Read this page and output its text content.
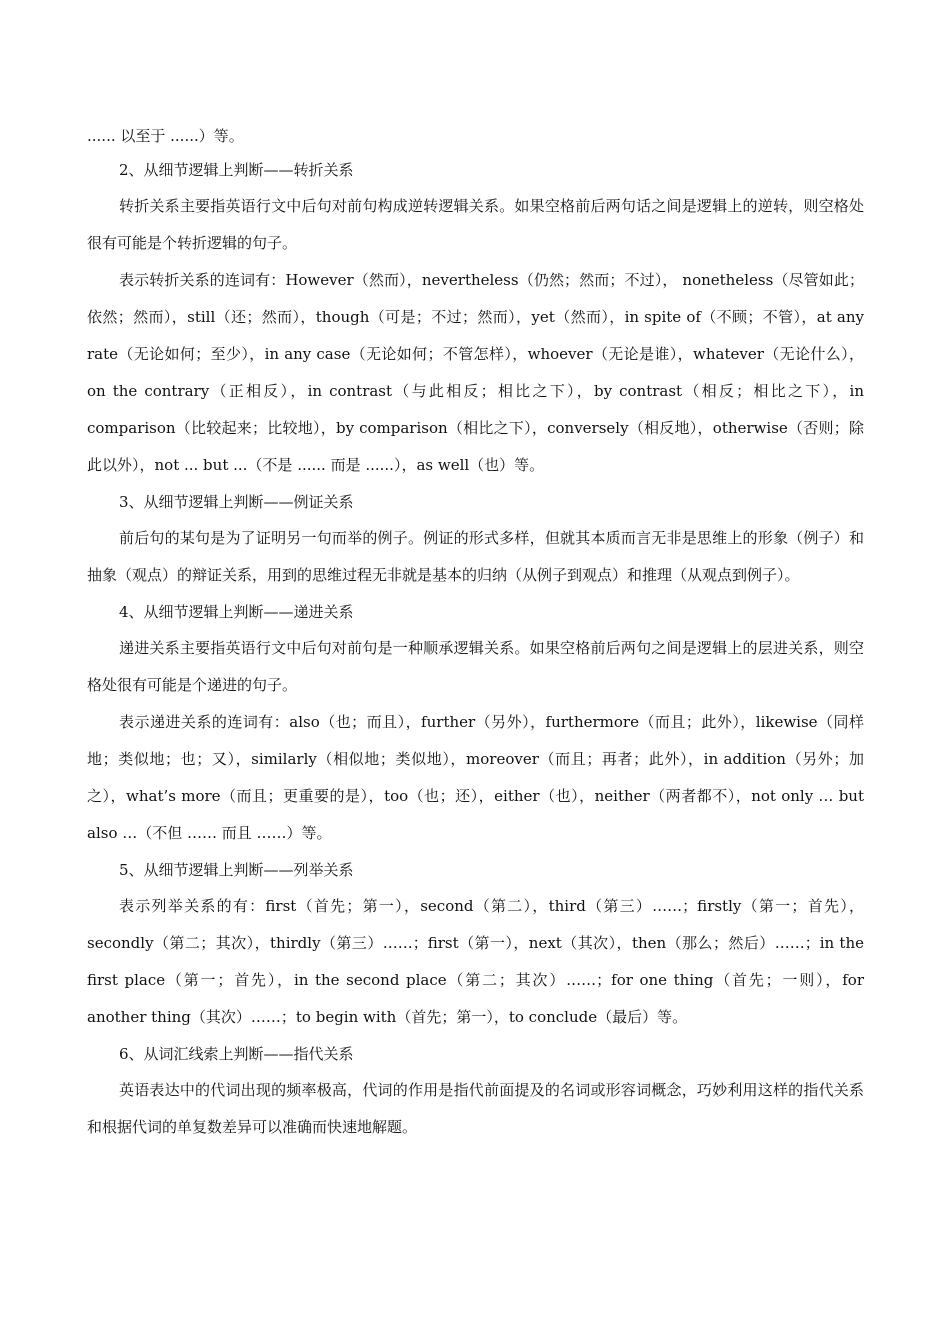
...... 以至于 ......）等。

2、从细节逻辑上判断——转折关系

转折关系主要指英语行文中后句对前句构成逆转逻辑关系。如果空格前后两句话之间是逻辑上的逆转，则空格处很有可能是个转折逻辑的句子。

表示转折关系的连词有：However（然而），nevertheless（仍然；然而；不过）， nonetheless（尽管如此；依然；然而），still（还；然而），though（可是；不过；然而），yet（然而），in spite of（不顾；不管），at any rate（无论如何；至少），in any case（无论如何；不管怎样），whoever（无论是谁），whatever（无论什么），on the contrary（正相反），in contrast（与此相反；相比之下），by contrast（相反；相比之下），in comparison（比较起来；比较地），by comparison（相比之下），conversely（相反地），otherwise（否则；除此以外），not ... but ...（不是 ...... 而是 ......），as well（也）等。

3、从细节逻辑上判断——例证关系

前后句的某句是为了证明另一句而举的例子。例证的形式多样，但就其本质而言无非是思维上的形象（例子）和抽象（观点）的辩证关系，用到的思维过程无非就是基本的归纳（从例子到观点）和推理（从观点到例子）。

4、从细节逻辑上判断——递进关系

递进关系主要指英语行文中后句对前句是一种顺承逻辑关系。如果空格前后两句之间是逻辑上的层进关系，则空格处很有可能是个递进的句子。

表示递进关系的连词有：also（也；而且），further（另外），furthermore（而且；此外），likewise（同样地；类似地；也；又），similarly（相似地；类似地），moreover（而且；再者；此外），in addition（另外；加之），what’s more（而且；更重要的是），too（也；还），either（也），neither（两者都不），not only … but also …（不但 …… 而且 ……）等。

5、从细节逻辑上判断——列举关系

表示列举关系的有：first（首先；第一），second（第二），third（第三）……；firstly（第一；首先），secondly（第二；其次），thirdly（第三）……；first（第一），next（其次），then（那么；然后）……；in the first place（第一；首先），in the second place（第二；其次）……；for one thing（首先；一则），for another thing（其次）……；to begin with（首先；第一），to conclude（最后）等。

6、从词汇线索上判断——指代关系

英语表达中的代词出现的频率极高，代词的作用是指代前面提及的名词或形容词概念，巧妙利用这样的指代关系和根据代词的单复数差异可以准确而快速地解题。
